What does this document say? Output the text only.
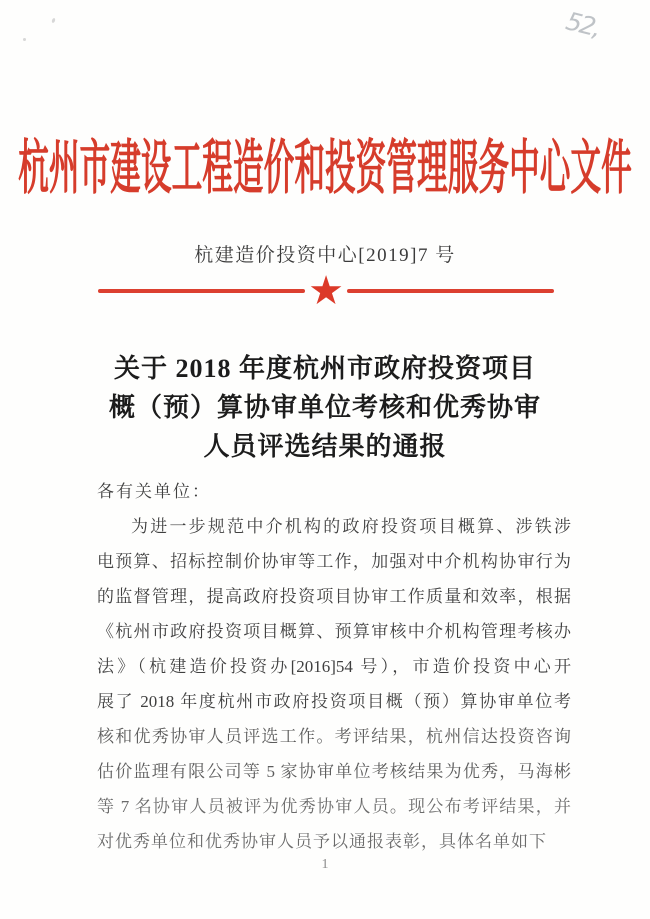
52,
杭州市建设工程造价和投资管理服务中心文件
杭建造价投资中心[2019]7 号
★
关于 2018 年度杭州市政府投资项目
概（预）算协审单位考核和优秀协审
人员评选结果的通报
各有关单位：
为进一步规范中介机构的政府投资项目概算、涉铁涉
电预算、招标控制价协审等工作，加强对中介机构协审行为
的监督管理，提高政府投资项目协审工作质量和效率，根据
《杭州市政府投资项目概算、预算审核中介机构管理考核办
法》（杭建造价投资办[2016]54 号），市造价投资中心开
展了 2018 年度杭州市政府投资项目概（预）算协审单位考
核和优秀协审人员评选工作。考评结果，杭州信达投资咨询
估价监理有限公司等 5 家协审单位考核结果为优秀，马海彬
等 7 名协审人员被评为优秀协审人员。现公布考评结果，并
对优秀单位和优秀协审人员予以通报表彰，具体名单如下
1
